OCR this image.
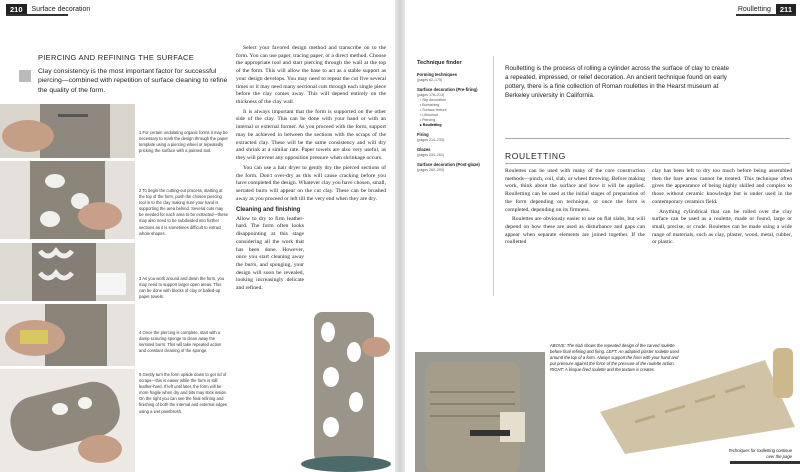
210	Surface decoration
PIERCING AND REFINING THE SURFACE
Clay consistency is the most important factor for successful piercing—combined with repetition of surface cleaning to refine the quality of the form.
1 For certain undulating organic forms it may be necessary to mark the design through the paper template using a piercing wheel or repeatedly pricking the surface with a pointed tool.
2 To begin the cutting-out process, starting at the top of the form, push the chosen piercing tool in to the clay making sure your hand is supporting the area behind. Several cuts may be needed for each area to be extracted—these may also need to be subdivided into further sections as it is sometimes difficult to extract whole shapes.
3 As you work around and down the form, you may need to support larger open areas. This can be done with blocks of clay or balled-up paper towels.
4 Once the piercing is complete, start with a damp scouring sponge to clean away the serrated burrs. This will take repeated action and constant cleaning of the sponge.
5 Gently turn the form upside down to get rid of scraps—this is easier while the form is still leather-hard. If left until later, the form will be more fragile when dry and bits may stick inside. On the right you can see the final refining and finishing of both the internal and external edges using a wet paintbrush.

Select your favored design method and transcribe on to the form. You can use paper, tracing paper, or a direct method. Choose the appropriate tool and start piercing through the wall at the top of the form. This will allow the base to act as a stable support as your design develops. You may need to repeat the cut five several times or it may need many sectional cuts through each single piece before the clay comes away. This will depend entirely on the thickness of the clay wall.

It is always important that the form is supported on the other side of the clay. This can be done with your hand or with an internal or external former. As you proceed with the form, support may be achieved in between the sections with the scraps of the extracted clay. These will be the same consistency and will dry and shrink at a similar rate. Paper towels are also very useful, as they will prevent any opposition pressure when shrinkage occurs.

You can use a hair dryer to gently dry the pierced sections of the form. Don't over-dry as this will cause cracking before you have completed the design. Whatever clay you have chosen, small, serrated burrs will appear on the cut clay. These can be brushed away as you proceed or left till the very end when they are dry.

Cleaning and finishing

Allow to dry to firm leather-hard. The form often looks disappointing at this stage considering all the work that has been done. However, once you start cleaning away the burrs, and sponging, your design will soon be revealed, looking increasingly delicate and refined.

Roulletting	211
Technique finder
Forming techniques
(pages 62–175)
Surface decoration (Pre-firing)
(pages 176–213)
• Slip decoration
• Burnishing
• Surface texture
• Lithiomod
• Piercing
▸ Roulletting
Firing
(pages 214–233)
Glazes
(pages 234–261)
Surface decoration (Post-glaze)
(pages 262–293)
Roulletting is the process of rolling a cylinder across the surface of clay to create a repeated, impressed, or relief decoration. An ancient technique found on early pottery, there is a fine collection of Roman roulettes in the Hearst museum at Berkeley university in California.
ROULETTING

Roulettes can be used with many of the core construction methods—pinch, coil, slab, or wheel throwing. Before making work, think about the surface and how it will be applied. Roulletting can be used at the initial stages of preparation of the form depending on technique, or once the form is completed, depending on its firmness.

Roulettes are obviously easier to use on flat slabs, but will depend on how these are used as disturbance and gaps can appear when separate elements are joined together. If the roulletted

clay has been left to dry too much before being assembled then the bare areas cannot be treated. This technique often gives the appearance of being highly skilled and complex to those without ceramic knowledge but is under used in the contemporary ceramics field.

Anything cylindrical that can be rolled over the clay surface can be used as a roulette, made or found, large or small, precise, or crude. Roulettes can be made using a wide range of materials, such as clay, plaster, wood, metal, rubber, or plastic.

ABOVE: The slab shows the repeated design of the carved roulette before final refining and firing. LEFT: An adapted plaster roulette used around the top of a form. Always support the form with your hand and put pressure against the force of the pressure of the roulette action. RIGHT: A bisque-fired roulette and the texture is creates.
Techniques for roulletting continue over the page
